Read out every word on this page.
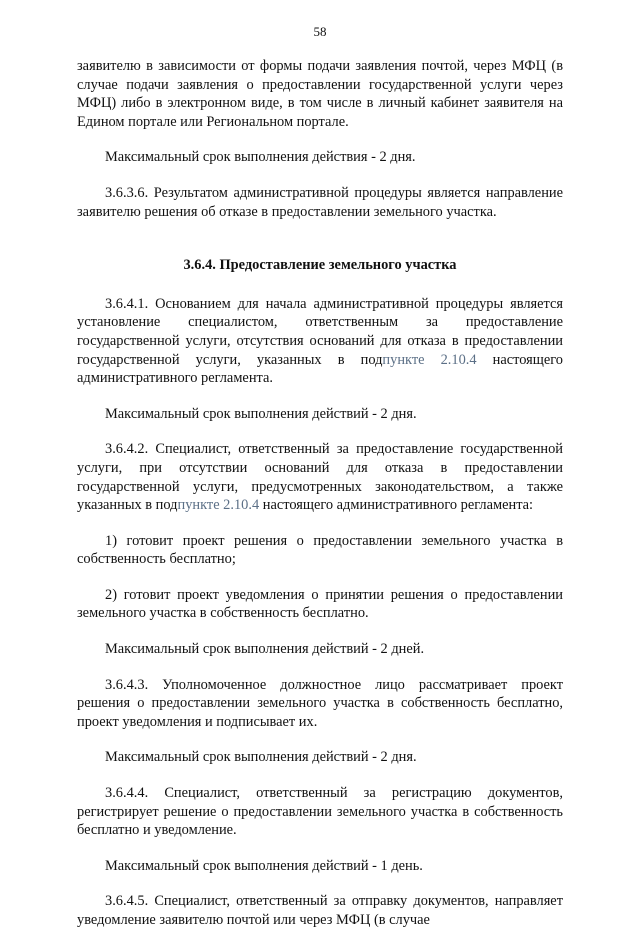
58

заявителю в зависимости от формы подачи заявления почтой, через МФЦ (в случае подачи заявления о предоставлении государственной услуги через МФЦ) либо в электронном виде, в том числе в личный кабинет заявителя на Едином портале или Региональном портале.

Максимальный срок выполнения действия - 2 дня.

3.6.3.6. Результатом административной процедуры является направление заявителю решения об отказе в предоставлении земельного участка.

3.6.4. Предоставление земельного участка

3.6.4.1. Основанием для начала административной процедуры является установление специалистом, ответственным за предоставление государственной услуги, отсутствия оснований для отказа в предоставлении государственной услуги, указанных в подпункте 2.10.4 настоящего административного регламента.

Максимальный срок выполнения действий - 2 дня.

3.6.4.2. Специалист, ответственный за предоставление государственной услуги, при отсутствии оснований для отказа в предоставлении государственной услуги, предусмотренных законодательством, а также указанных в подпункте 2.10.4 настоящего административного регламента:

1) готовит проект решения о предоставлении земельного участка в собственность бесплатно;

2) готовит проект уведомления о принятии решения о предоставлении земельного участка в собственность бесплатно.

Максимальный срок выполнения действий - 2 дней.

3.6.4.3. Уполномоченное должностное лицо рассматривает проект решения о предоставлении земельного участка в собственность бесплатно, проект уведомления и подписывает их.

Максимальный срок выполнения действий - 2 дня.

3.6.4.4. Специалист, ответственный за регистрацию документов, регистрирует решение о предоставлении земельного участка в собственность бесплатно и уведомление.

Максимальный срок выполнения действий - 1 день.

3.6.4.5. Специалист, ответственный за отправку документов, направляет уведомление заявителю почтой или через МФЦ (в случае
